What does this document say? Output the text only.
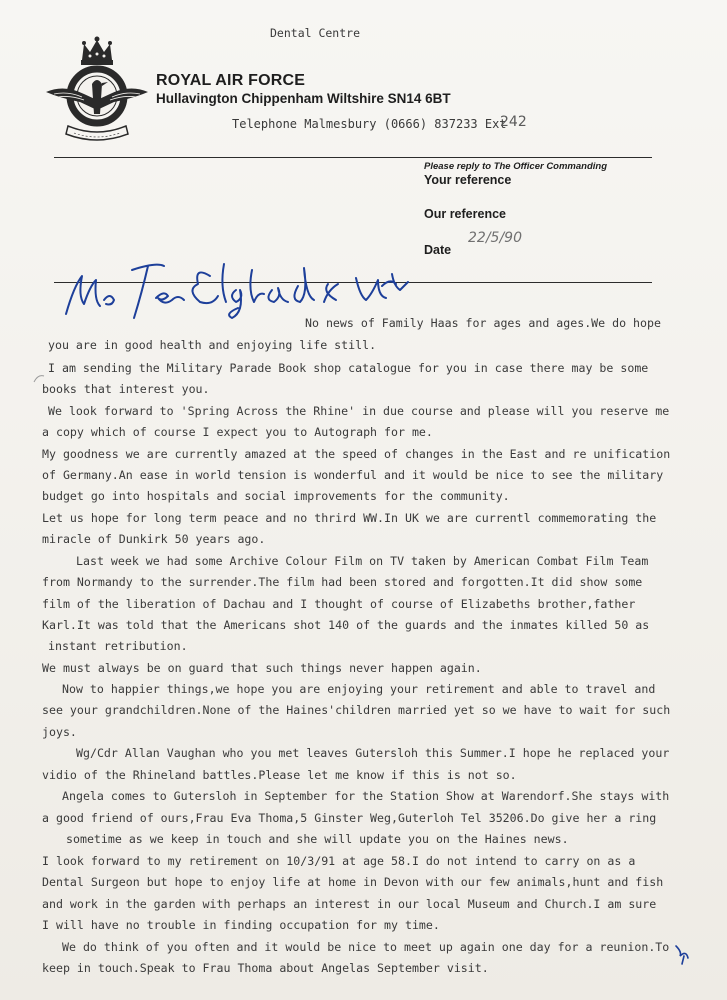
Dental Centre
ROYAL AIR FORCE
Hullavington Chippenham Wiltshire SN14 6BT
Telephone Malmesbury (0666) 837233 Ext
242
Please reply to The Officer Commanding
Your reference
Our reference
Date
22/5/90
No news of Family Haas for ages and ages.We do hope
you are in good health and enjoying life still.
I am sending the Military Parade Book shop catalogue for you in case there may be some
books that interest you.
We look forward to 'Spring Across the Rhine' in due course and please will you reserve me
a copy which of course I expect you to Autograph for me.
My goodness we are currently amazed at the speed of changes in the East and re unification
of Germany.An ease in world tension is wonderful and it would be nice to see the military
budget go into hospitals and social improvements for the community.
Let us hope for long term peace and no thrird WW.In UK we are currentl commemorating the
miracle of Dunkirk 50 years ago.
Last week we had some Archive Colour Film on TV taken by American Combat Film Team
from Normandy to the surrender.The film had been stored and forgotten.It did show some
film of the liberation of Dachau and I thought of course of Elizabeths brother,father
Karl.It was told that the Americans shot 140 of the guards and the inmates killed 50 as
instant retribution.
We must always be on guard that such things never happen again.
Now to happier things,we hope you are enjoying your retirement and able to travel and
see your grandchildren.None of the Haines'children married yet so we have to wait for such
joys.
Wg/Cdr Allan Vaughan who you met leaves Gutersloh this Summer.I hope he replaced your
vidio of the Rhineland battles.Please let me know if this is not so.
Angela comes to Gutersloh in September for the Station Show at Warendorf.She stays with
a good friend of ours,Frau Eva Thoma,5 Ginster Weg,Guterloh Tel 35206.Do give her a ring
sometime as we keep in touch and she will update you on the Haines news.
I look forward to my retirement on 10/3/91 at age 58.I do not intend to carry on as a
Dental Surgeon but hope to enjoy life at home in Devon with our few animals,hunt and fish
and work in the garden with perhaps an interest in our local Museum and Church.I am sure
I will have no trouble in finding occupation for my time.
We do think of you often and it would be nice to meet up again one day for a reunion.To
keep in touch.Speak to Frau Thoma about Angelas September visit.
